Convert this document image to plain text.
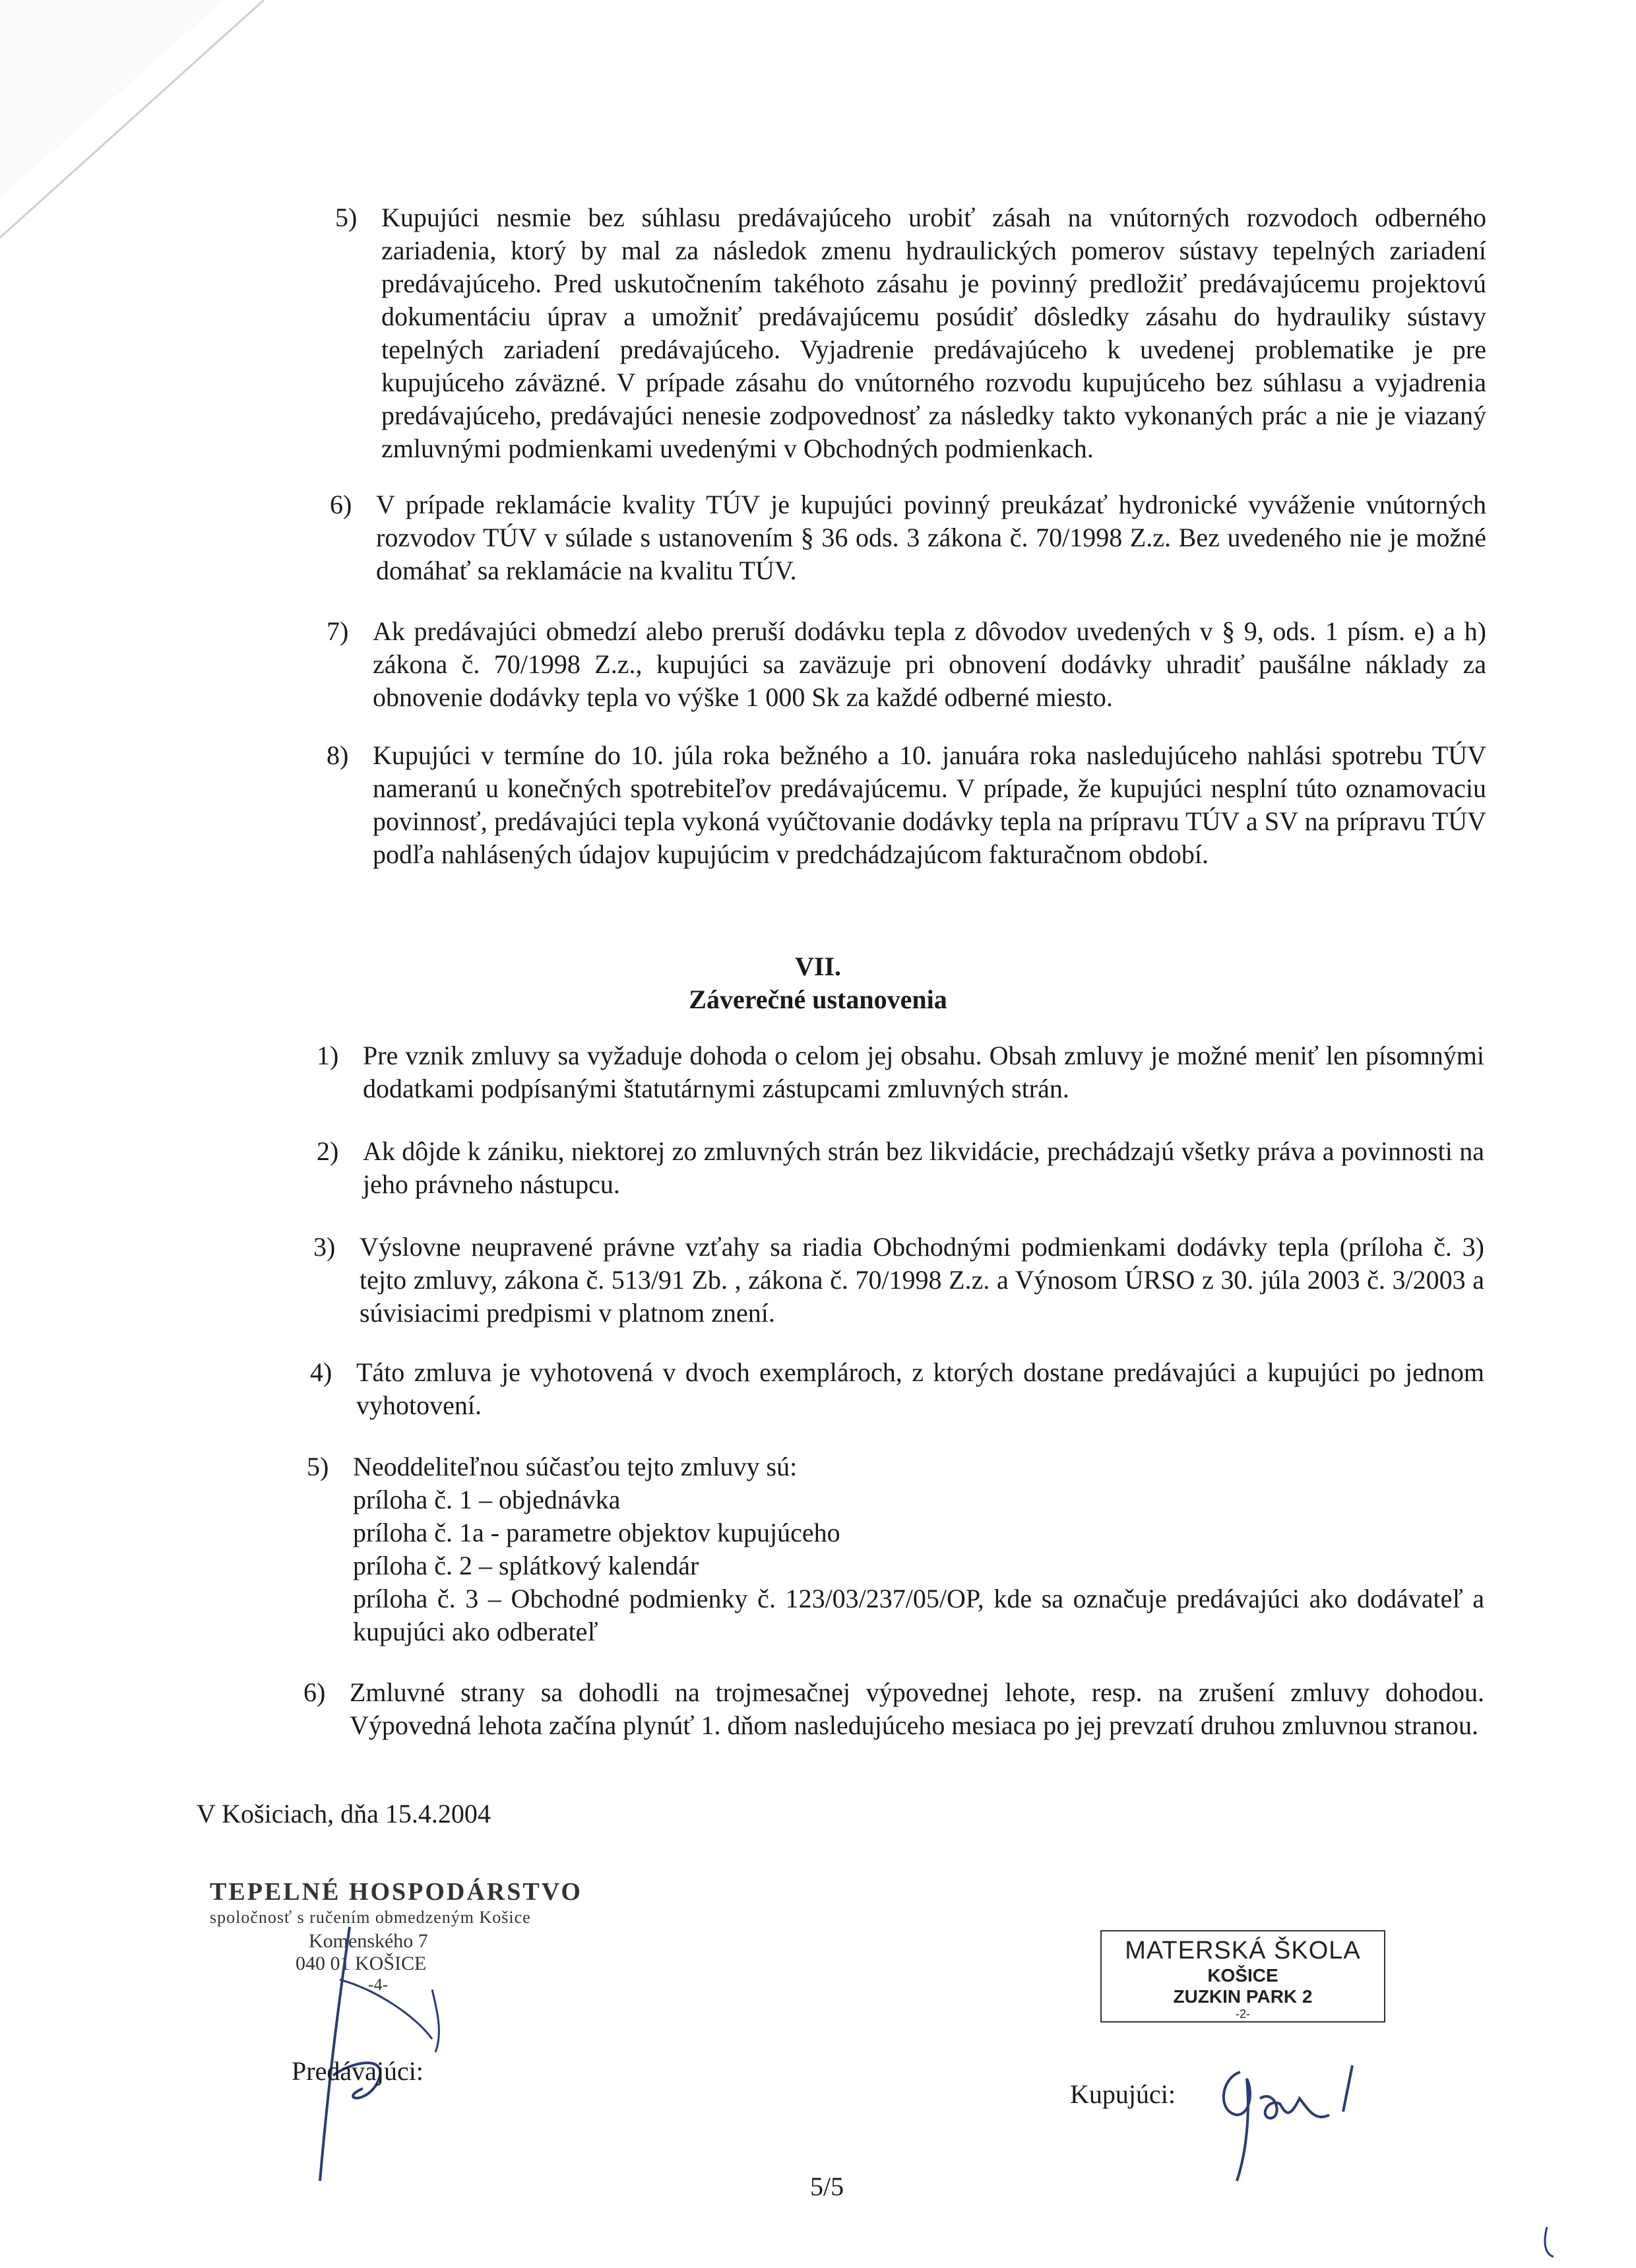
5) Kupujúci nesmie bez súhlasu predávajúceho urobiť zásah na vnútorných rozvodoch odberného zariadenia, ktorý by mal za následok zmenu hydraulických pomerov sústavy tepelných zariadení predávajúceho. Pred uskutočnením takéhoto zásahu je povinný predložiť predávajúcemu projektovú dokumentáciu úprav a umožniť predávajúcemu posúdiť dôsledky zásahu do hydrauliky sústavy tepelných zariadení predávajúceho. Vyjadrenie predávajúceho k uvedenej problematike je pre kupujúceho záväzné. V prípade zásahu do vnútorného rozvodu kupujúceho bez súhlasu a vyjadrenia predávajúceho, predávajúci nenesie zodpovednosť za následky takto vykonaných prác a nie je viazaný zmluvnými podmienkami uvedenými v Obchodných podmienkach.
6) V prípade reklamácie kvality TÚV je kupujúci povinný preukázať hydronické vyváženie vnútorných rozvodov TÚV v súlade s ustanovením § 36 ods. 3 zákona č. 70/1998 Z.z. Bez uvedeného nie je možné domáhať sa reklamácie na kvalitu TÚV.
7) Ak predávajúci obmedzí alebo preruší dodávku tepla z dôvodov uvedených v § 9, ods. 1 písm. e) a h) zákona č. 70/1998 Z.z., kupujúci sa zaväzuje pri obnovení dodávky uhradiť paušálne náklady za obnovenie dodávky tepla vo výške 1 000 Sk za každé odberné miesto.
8) Kupujúci v termíne do 10. júla roka bežného a 10. januára roka nasledujúceho nahlási spotrebu TÚV nameranú u konečných spotrebiteľov predávajúcemu. V prípade, že kupujúci nesplní túto oznamovaciu povinnosť, predávajúci tepla vykoná vyúčtovanie dodávky tepla na prípravu TÚV a SV na prípravu TÚV podľa nahlásených údajov kupujúcim v predchádzajúcom fakturačnom období.
VII.
Záverečné ustanovenia
1) Pre vznik zmluvy sa vyžaduje dohoda o celom jej obsahu. Obsah zmluvy je možné meniť len písomnými dodatkami podpísanými štatutárnymi zástupcami zmluvných strán.
2) Ak dôjde k zániku, niektorej zo zmluvných strán bez likvidácie, prechádzajú všetky práva a povinnosti na jeho právneho nástupcu.
3) Výslovne neupravené právne vzťahy sa riadia Obchodnými podmienkami dodávky tepla (príloha č. 3) tejto zmluvy, zákona č. 513/91 Zb. , zákona č. 70/1998 Z.z. a Výnosom ÚRSO z 30. júla 2003 č. 3/2003 a súvisiacimi predpismi v platnom znení.
4) Táto zmluva je vyhotovená v dvoch exemplároch, z ktorých dostane predávajúci a kupujúci po jednom vyhotovení.
5) Neoddeliteľnou súčasťou tejto zmluvy sú:
príloha č. 1 – objednávka
príloha č. 1a - parametre objektov kupujúceho
príloha č. 2 – splátkový kalendár
príloha č. 3 – Obchodné podmienky č. 123/03/237/05/OP, kde sa označuje predávajúci ako dodávateľ a kupujúci ako odberateľ
6) Zmluvné strany sa dohodli na trojmesačnej výpovednej lehote, resp. na zrušení zmluvy dohodou. Výpovedná lehota začína plynúť 1. dňom nasledujúceho mesiaca po jej prevzatí druhou zmluvnou stranou.
V Košiciach, dňa 15.4.2004
TEPELNÉ HOSPODÁRSTVO
spoločnosť s ručením obmedzeným Košice
Komenského 7
040 01 KOŠICE
-4-
Predávajúci:
MATERSKÁ ŠKOLA
KOŠICE
ZUZKIN PARK 2
-2-
Kupujúci:
5/5
